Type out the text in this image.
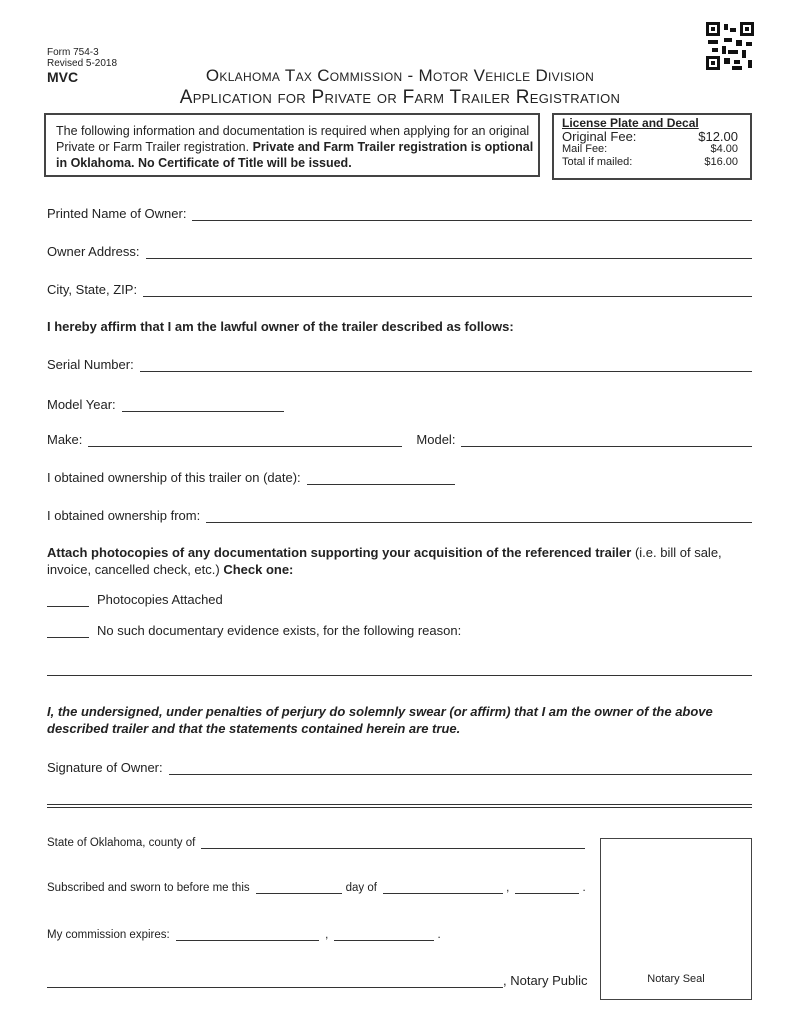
Form 754-3
Revised 5-2018
MVC	Oklahoma Tax Commission - Motor Vehicle Division
Application for Private or Farm Trailer Registration
The following information and documentation is required when applying for an original Private or Farm Trailer registration. Private and Farm Trailer registration is optional in Oklahoma. No Certificate of Title will be issued.
License Plate and Decal
Original Fee:	$12.00
Mail Fee:	$4.00
Total if mailed:	$16.00
Printed Name of Owner:
Owner Address:
City, State, ZIP:
I hereby affirm that I am the lawful owner of the trailer described as follows:
Serial Number:
Model Year:
Make:	Model:
I obtained ownership of this trailer on (date):
I obtained ownership from:
Attach photocopies of any documentation supporting your acquisition of the referenced trailer (i.e. bill of sale, invoice, cancelled check, etc.) Check one:
Photocopies Attached
No such documentary evidence exists, for the following reason:
I, the undersigned, under penalties of perjury do solemnly swear (or affirm) that I am the owner of the above described trailer and that the statements contained herein are true.
Signature of Owner:
State of Oklahoma, county of
Subscribed and sworn to before me this	day of	,	.
My commission expires:	,	.
, Notary Public	Notary Seal
